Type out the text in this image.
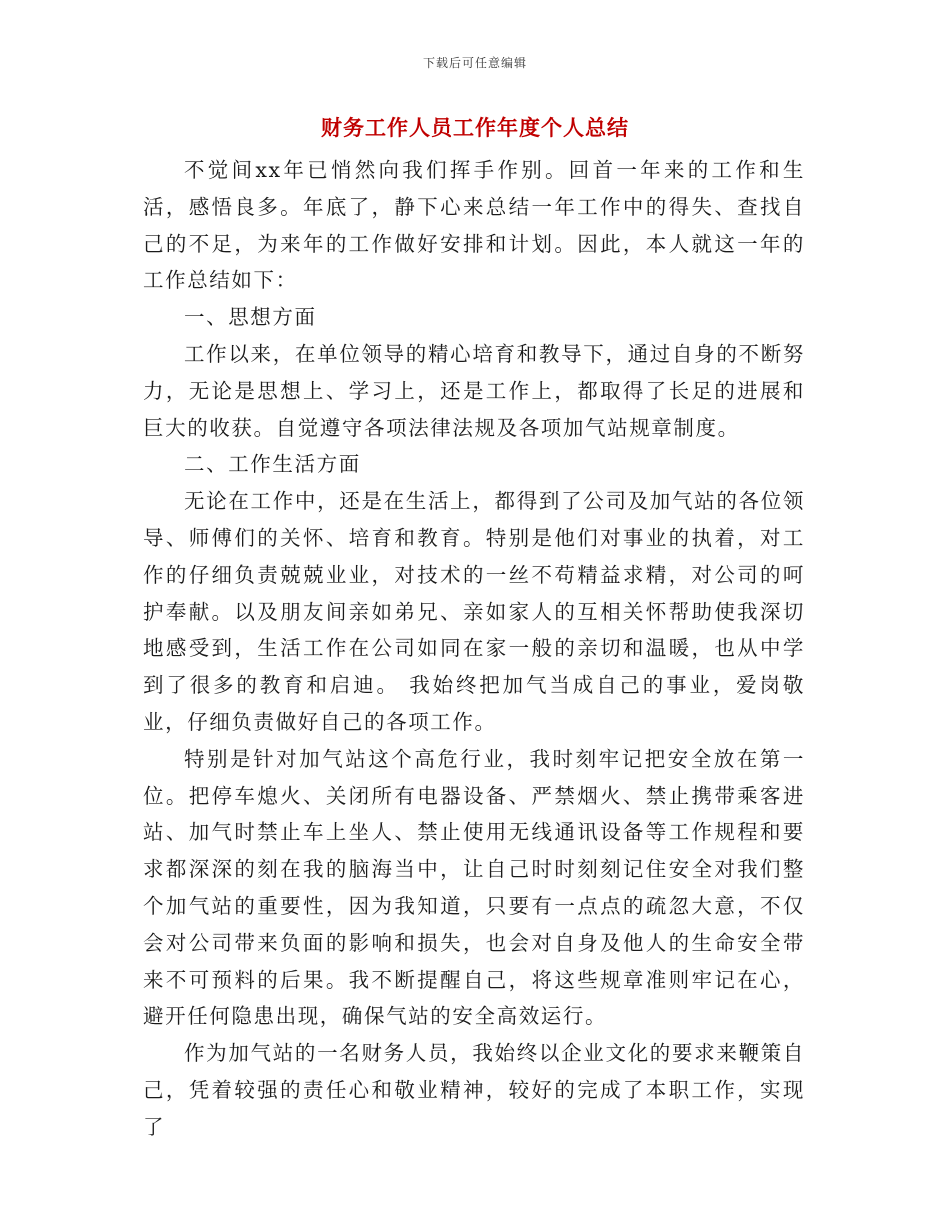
下载后可任意编辑
财务工作人员工作年度个人总结

不觉间xx年已悄然向我们挥手作别。回首一年来的工作和生活，感悟良多。年底了，静下心来总结一年工作中的得失、查找自己的不足，为来年的工作做好安排和计划。因此，本人就这一年的工作总结如下：

一、思想方面

工作以来，在单位领导的精心培育和教导下，通过自身的不断努力，无论是思想上、学习上，还是工作上，都取得了长足的进展和巨大的收获。自觉遵守各项法律法规及各项加气站规章制度。

二、工作生活方面

无论在工作中，还是在生活上，都得到了公司及加气站的各位领导、师傅们的关怀、培育和教育。特别是他们对事业的执着，对工作的仔细负责兢兢业业，对技术的一丝不苟精益求精，对公司的呵护奉献。以及朋友间亲如弟兄、亲如家人的互相关怀帮助使我深切地感受到，生活工作在公司如同在家一般的亲切和温暖，也从中学到了很多的教育和启迪。 我始终把加气当成自己的事业，爱岗敬业，仔细负责做好自己的各项工作。

特别是针对加气站这个高危行业，我时刻牢记把安全放在第一位。把停车熄火、关闭所有电器设备、严禁烟火、禁止携带乘客进站、加气时禁止车上坐人、禁止使用无线通讯设备等工作规程和要求都深深的刻在我的脑海当中，让自己时时刻刻记住安全对我们整个加气站的重要性，因为我知道，只要有一点点的疏忽大意，不仅会对公司带来负面的影响和损失，也会对自身及他人的生命安全带来不可预料的后果。我不断提醒自己，将这些规章准则牢记在心，避开任何隐患出现，确保气站的安全高效运行。

作为加气站的一名财务人员，我始终以企业文化的要求来鞭策自己，凭着较强的责任心和敬业精神，较好的完成了本职工作，实现了
